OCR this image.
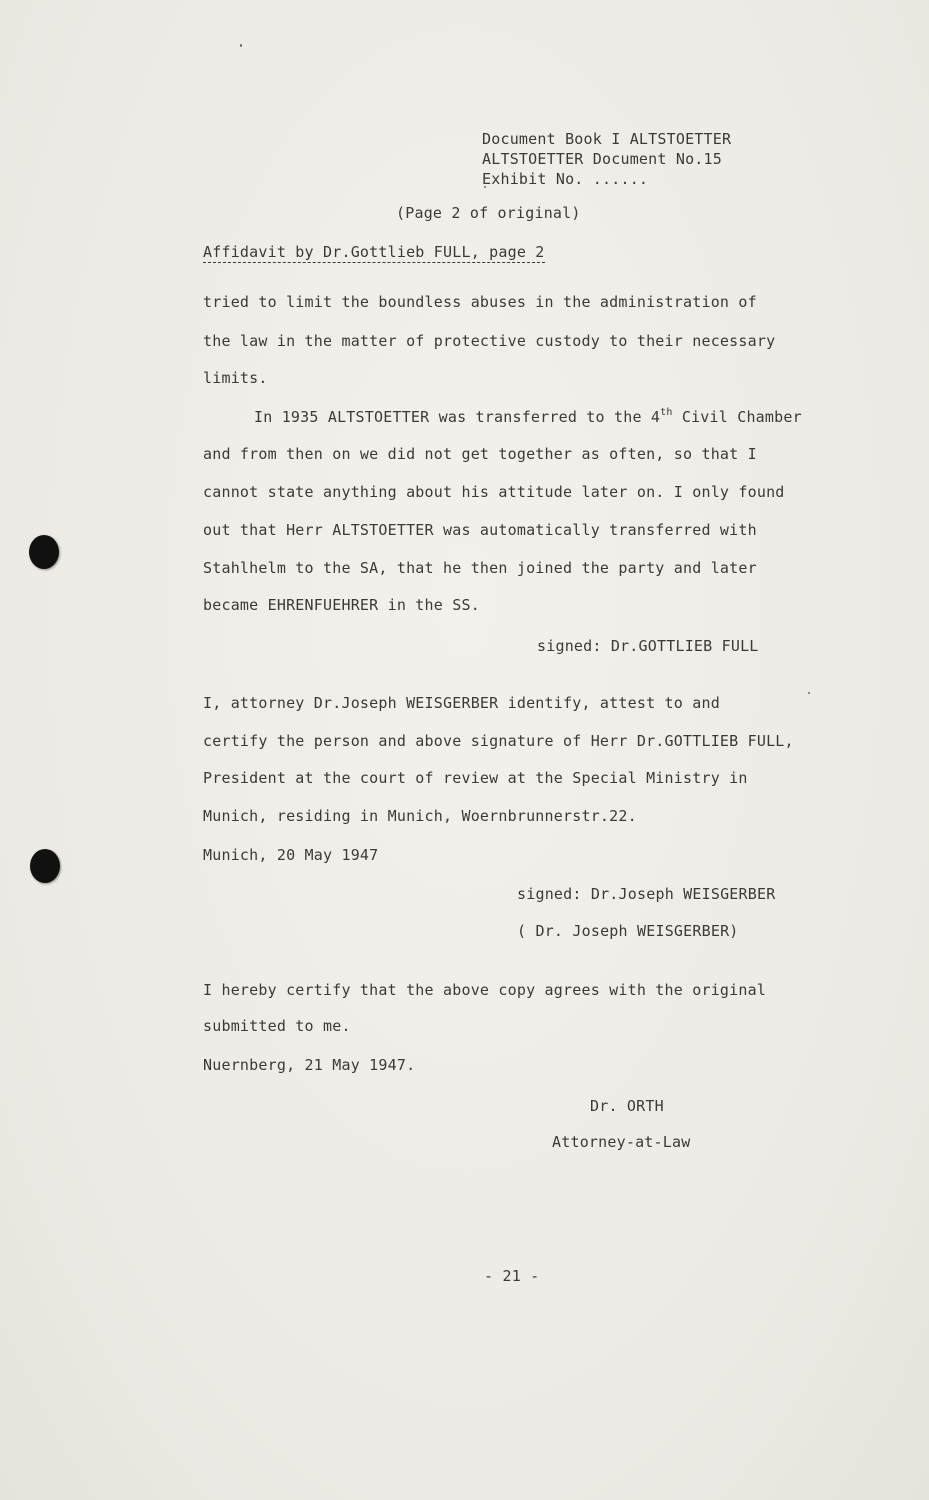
Document Book I ALTSTOETTER
ALTSTOETTER Document No.15
Exhibit No. ......
(Page 2 of original)
Affidavit by Dr.Gottlieb FULL, page 2
tried to limit the boundless abuses in the administration of
the law in the matter of protective custody to their necessary
limits.
In 1935 ALTSTOETTER was transferred to the 4th Civil Chamber
and from then on we did not get together as often, so that I
cannot state anything about his attitude later on. I only found
out that Herr ALTSTOETTER was automatically transferred with
Stahlhelm to the SA, that he then joined the party and later
became EHRENFUEHRER in the SS.
signed: Dr.GOTTLIEB FULL
I, attorney Dr.Joseph WEISGERBER identify, attest to and
certify the person and above signature of Herr Dr.GOTTLIEB FULL,
President at the court of review at the Special Ministry in
Munich, residing in Munich, Woernbrunnerstr.22.
Munich, 20 May 1947
signed: Dr.Joseph WEISGERBER
( Dr. Joseph WEISGERBER)
I hereby certify that the above copy agrees with the original
submitted to me.
Nuernberg, 21 May 1947.
Dr. ORTH
Attorney-at-Law
- 21 -
